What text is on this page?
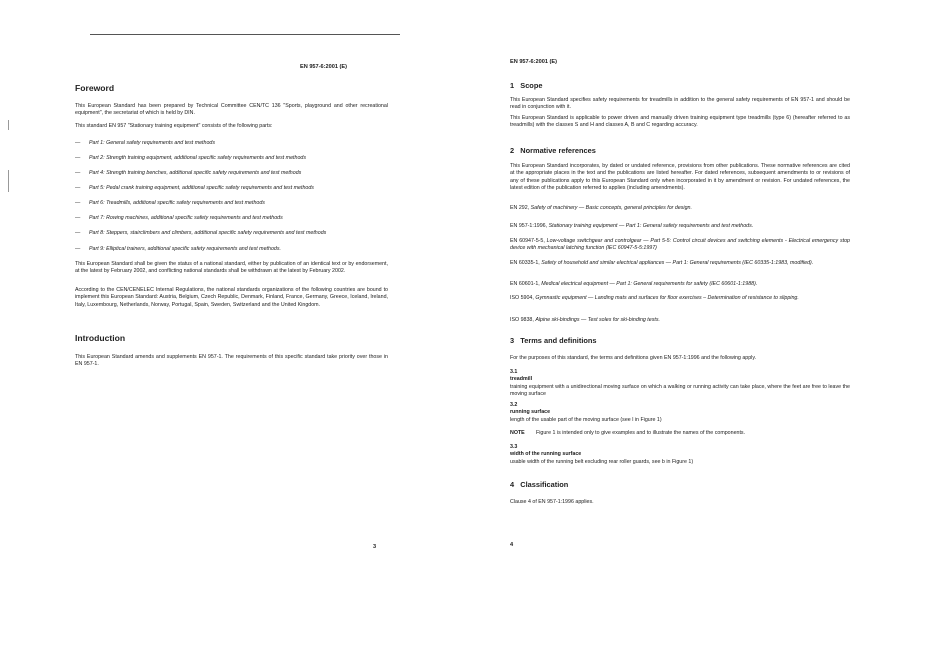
EN 957-6:2001 (E)
Foreword
This European Standard has been prepared by Technical Committee CEN/TC 136 "Sports, playground and other recreational equipment", the secretariat of which is held by DIN.
This standard EN 957 "Stationary training equipment" consists of the following parts:
— Part 1: General safety requirements and test methods
— Part 2: Strength training equipment, additional specific safety requirements and test methods
— Part 4: Strength training benches, additional specific safety requirements and test methods
— Part 5: Pedal crank training equipment, additional specific safety requirements and test methods
— Part 6: Treadmills, additional specific safety requirements and test methods
— Part 7: Rowing machines, additional specific safety requirements and test methods
— Part 8: Steppers, stairclimbers and climbers, additional specific safety requirements and test methods
— Part 9: Elliptical trainers, additional specific safety requirements and test methods.
This European Standard shall be given the status of a national standard, either by publication of an identical text or by endorsement, at the latest by February 2002, and conflicting national standards shall be withdrawn at the latest by February 2002.
According to the CEN/CENELEC Internal Regulations, the national standards organizations of the following countries are bound to implement this European Standard: Austria, Belgium, Czech Republic, Denmark, Finland, France, Germany, Greece, Iceland, Ireland, Italy, Luxembourg, Netherlands, Norway, Portugal, Spain, Sweden, Switzerland and the United Kingdom.
Introduction
This European Standard amends and supplements EN 957-1. The requirements of this specific standard take priority over those in EN 957-1.
3
EN 957-6:2001 (E)
1   Scope
This European Standard specifies safety requirements for treadmills in addition to the general safety requirements of EN 957-1 and should be read in conjunction with it.
This European Standard is applicable to power driven and manually driven training equipment type treadmills (type 6) (hereafter referred to as treadmills) with the classes S and H and classes A, B and C regarding accuracy.
2   Normative references
This European Standard incorporates, by dated or undated reference, provisions from other publications. These normative references are cited at the appropriate places in the text and the publications are listed hereafter. For dated references, subsequent amendments to or revisions of any of these publications apply to this European Standard only when incorporated in it by amendment or revision. For undated references, the latest edition of the publication referred to applies (including amendments).
EN 292, Safety of machinery — Basic concepts, general principles for design.
EN 957-1:1996, Stationary training equipment — Part 1: General safety requirements and test methods.
EN 60947-5-5, Low-voltage switchgear and controlgear — Part 5-5: Control circuit devices and switching elements - Electrical emergency stop device with mechanical latching function (IEC 60947-5-5:1997)
EN 60335-1, Safety of household and similar electrical appliances — Part 1: General requirements (IEC 60335-1:1983, modified).
EN 60601-1, Medical electrical equipment — Part 1: General requirements for safety (IEC 60601-1:1988).
ISO 5904, Gymnastic equipment — Landing mats and surfaces for floor exercises – Determination of resistance to slipping.
ISO 9838, Alpine ski-bindings — Test soles for ski-binding tests.
3   Terms and definitions
For the purposes of this standard, the terms and definitions given EN 957-1:1996 and the following apply.
3.1
treadmill
training equipment with a unidirectional moving surface on which a walking or running activity can take place, where the feet are free to leave the moving surface
3.2
running surface
length of the usable part of the moving surface (see l in Figure 1)
3.3
width of the running surface
usable width of the running belt excluding rear roller guards, see b in Figure 1)
NOTE Figure 1 is intended only to give examples and to illustrate the names of the components.
4   Classification
Clause 4 of EN 957-1:1996 applies.
4
